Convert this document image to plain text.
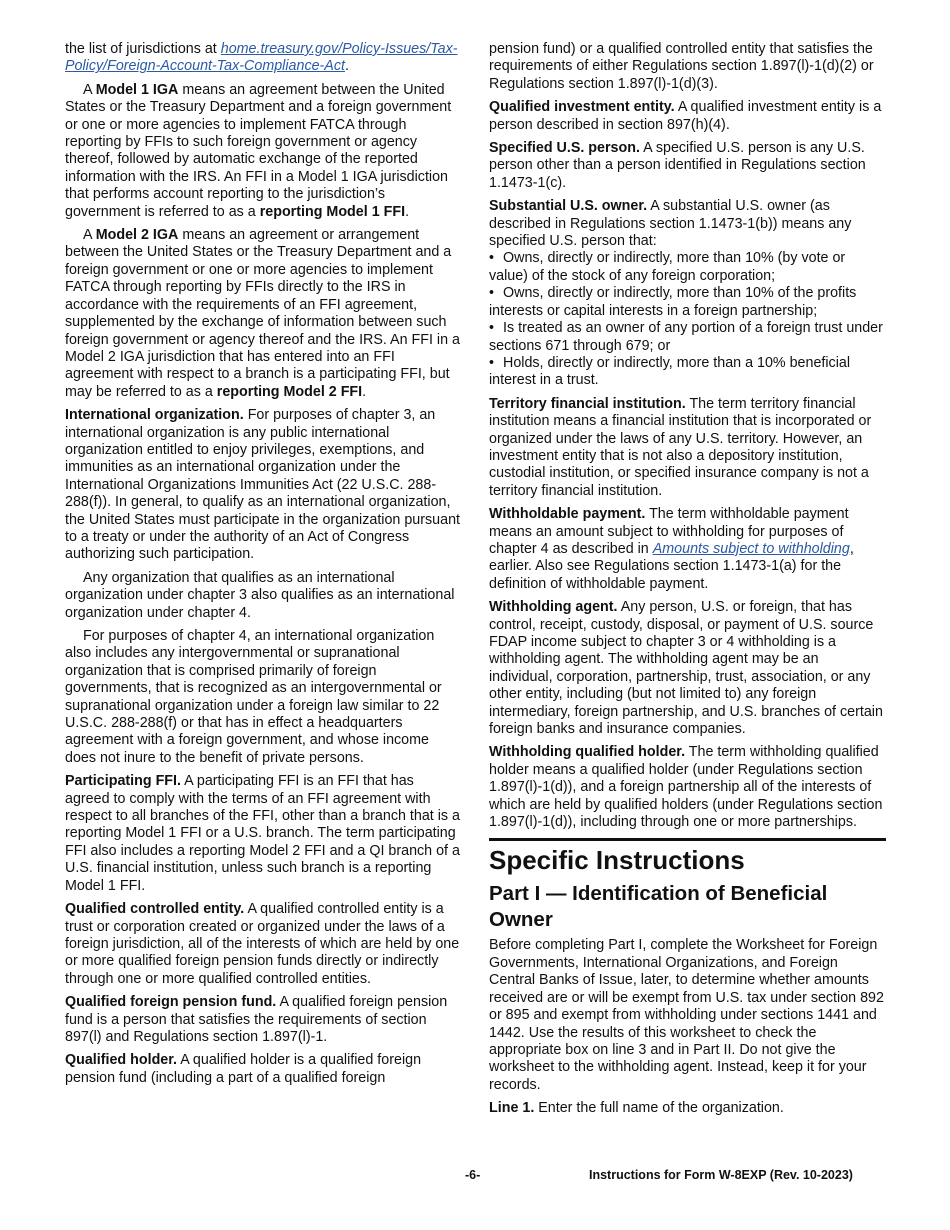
the list of jurisdictions at home.treasury.gov/Policy-Issues/Tax-Policy/Foreign-Account-Tax-Compliance-Act.

A Model 1 IGA means an agreement between the United States or the Treasury Department and a foreign government or one or more agencies to implement FATCA through reporting by FFIs to such foreign government or agency thereof, followed by automatic exchange of the reported information with the IRS. An FFI in a Model 1 IGA jurisdiction that performs account reporting to the jurisdiction’s government is referred to as a reporting Model 1 FFI.

A Model 2 IGA means an agreement or arrangement between the United States or the Treasury Department and a foreign government or one or more agencies to implement FATCA through reporting by FFIs directly to the IRS in accordance with the requirements of an FFI agreement, supplemented by the exchange of information between such foreign government or agency thereof and the IRS. An FFI in a Model 2 IGA jurisdiction that has entered into an FFI agreement with respect to a branch is a participating FFI, but may be referred to as a reporting Model 2 FFI.

International organization. For purposes of chapter 3, an international organization is any public international organization entitled to enjoy privileges, exemptions, and immunities as an international organization under the International Organizations Immunities Act (22 U.S.C. 288-288(f)). In general, to qualify as an international organization, the United States must participate in the organization pursuant to a treaty or under the authority of an Act of Congress authorizing such participation.

Any organization that qualifies as an international organization under chapter 3 also qualifies as an international organization under chapter 4.

For purposes of chapter 4, an international organization also includes any intergovernmental or supranational organization that is comprised primarily of foreign governments, that is recognized as an intergovernmental or supranational organization under a foreign law similar to 22 U.S.C. 288-288(f) or that has in effect a headquarters agreement with a foreign government, and whose income does not inure to the benefit of private persons.

Participating FFI. A participating FFI is an FFI that has agreed to comply with the terms of an FFI agreement with respect to all branches of the FFI, other than a branch that is a reporting Model 1 FFI or a U.S. branch. The term participating FFI also includes a reporting Model 2 FFI and a QI branch of a U.S. financial institution, unless such branch is a reporting Model 1 FFI.

Qualified controlled entity. A qualified controlled entity is a trust or corporation created or organized under the laws of a foreign jurisdiction, all of the interests of which are held by one or more qualified foreign pension funds directly or indirectly through one or more qualified controlled entities.

Qualified foreign pension fund. A qualified foreign pension fund is a person that satisfies the requirements of section 897(l) and Regulations section 1.897(l)-1.

Qualified holder. A qualified holder is a qualified foreign pension fund (including a part of a qualified foreign

pension fund) or a qualified controlled entity that satisfies the requirements of either Regulations section 1.897(l)-1(d)(2) or Regulations section 1.897(l)-1(d)(3).

Qualified investment entity. A qualified investment entity is a person described in section 897(h)(4).

Specified U.S. person. A specified U.S. person is any U.S. person other than a person identified in Regulations section 1.1473-1(c).

Substantial U.S. owner. A substantial U.S. owner (as described in Regulations section 1.1473-1(b)) means any specified U.S. person that:
• Owns, directly or indirectly, more than 10% (by vote or value) of the stock of any foreign corporation;
• Owns, directly or indirectly, more than 10% of the profits interests or capital interests in a foreign partnership;
• Is treated as an owner of any portion of a foreign trust under sections 671 through 679; or
• Holds, directly or indirectly, more than a 10% beneficial interest in a trust.

Territory financial institution. The term territory financial institution means a financial institution that is incorporated or organized under the laws of any U.S. territory. However, an investment entity that is not also a depository institution, custodial institution, or specified insurance company is not a territory financial institution.

Withholdable payment. The term withholdable payment means an amount subject to withholding for purposes of chapter 4 as described in Amounts subject to withholding, earlier. Also see Regulations section 1.1473-1(a) for the definition of withholdable payment.

Withholding agent. Any person, U.S. or foreign, that has control, receipt, custody, disposal, or payment of U.S. source FDAP income subject to chapter 3 or 4 withholding is a withholding agent. The withholding agent may be an individual, corporation, partnership, trust, association, or any other entity, including (but not limited to) any foreign intermediary, foreign partnership, and U.S. branches of certain foreign banks and insurance companies.

Withholding qualified holder. The term withholding qualified holder means a qualified holder (under Regulations section 1.897(l)-1(d)), and a foreign partnership all of the interests of which are held by qualified holders (under Regulations section 1.897(l)-1(d)), including through one or more partnerships.

Specific Instructions
Part I — Identification of Beneficial Owner

Before completing Part I, complete the Worksheet for Foreign Governments, International Organizations, and Foreign Central Banks of Issue, later, to determine whether amounts received are or will be exempt from U.S. tax under section 892 or 895 and exempt from withholding under sections 1441 and 1442. Use the results of this worksheet to check the appropriate box on line 3 and in Part II. Do not give the worksheet to the withholding agent. Instead, keep it for your records.

Line 1. Enter the full name of the organization.

-6-	Instructions for Form W-8EXP (Rev. 10-2023)
